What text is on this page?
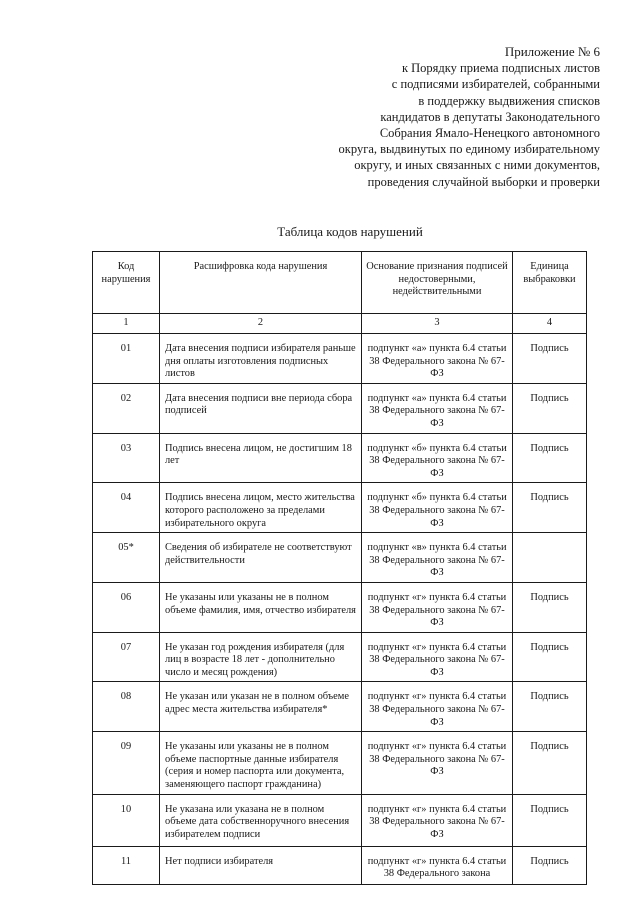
Приложение № 6
к Порядку приема подписных листов
с подписями избирателей, собранными
в поддержку выдвижения списков
кандидатов в депутаты Законодательного
Собрания Ямало-Ненецкого автономного
округа, выдвинутых по единому избирательному
округу, и иных связанных с ними документов,
проведения случайной выборки и проверки
Таблица кодов нарушений
Код нарушения	Расшифровка кода нарушения	Основание признания подписей недостоверными, недействительными	Единица выбраковки
1	2	3	4
01	Дата внесения подписи избирателя раньше дня оплаты изготовления подписных листов	подпункт «а» пункта 6.4 статьи 38 Федерального закона № 67-ФЗ	Подпись
02	Дата внесения подписи вне периода сбора подписей	подпункт «а» пункта 6.4 статьи 38 Федерального закона № 67-ФЗ	Подпись
03	Подпись внесена лицом, не достигшим 18 лет	подпункт «б» пункта 6.4 статьи 38 Федерального закона № 67-ФЗ	Подпись
04	Подпись внесена лицом, место жительства которого расположено за пределами избирательного округа	подпункт «б» пункта 6.4 статьи 38 Федерального закона № 67-ФЗ	Подпись
05*	Сведения об избирателе не соответствуют действительности	подпункт «в» пункта 6.4 статьи 38 Федерального закона № 67-ФЗ	
06	Не указаны или указаны не в полном объеме фамилия, имя, отчество избирателя	подпункт «г» пункта 6.4 статьи 38 Федерального закона № 67-ФЗ	Подпись
07	Не указан год рождения избирателя (для лиц в возрасте 18 лет - дополнительно число и месяц рождения)	подпункт «г» пункта 6.4 статьи 38 Федерального закона № 67-ФЗ	Подпись
08	Не указан или указан не в полном объеме адрес места жительства избирателя*	подпункт «г» пункта 6.4 статьи 38 Федерального закона № 67-ФЗ	Подпись
09	Не указаны или указаны не в полном объеме паспортные данные избирателя (серия и номер паспорта или документа, заменяющего паспорт гражданина)	подпункт «г» пункта 6.4 статьи 38 Федерального закона № 67-ФЗ	Подпись
10	Не указана или указана не в полном объеме дата собственноручного внесения избирателем подписи	подпункт «г» пункта 6.4 статьи 38 Федерального закона № 67-ФЗ	Подпись
11	Нет подписи избирателя	подпункт «г» пункта 6.4 статьи 38 Федерального закона	Подпись
